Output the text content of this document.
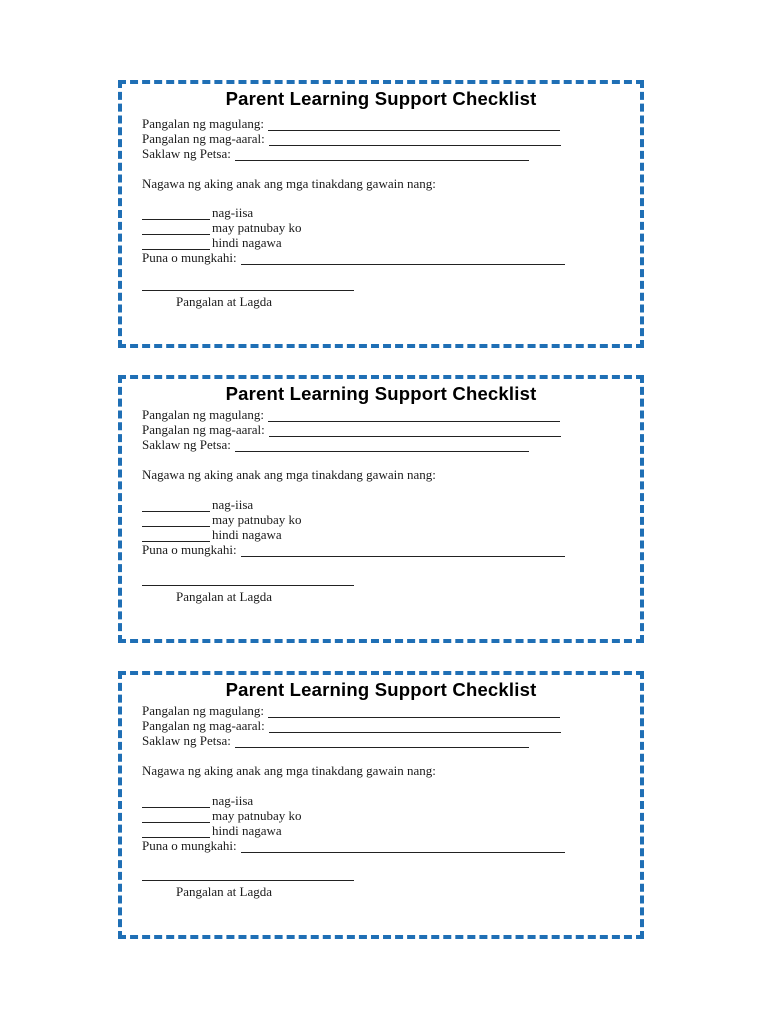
Parent Learning Support Checklist
Pangalan ng magulang:
Pangalan ng mag-aaral:
Saklaw ng Petsa:
Nagawa ng aking anak ang mga tinakdang gawain nang:
nag-iisa
may patnubay ko
hindi nagawa
Puna o mungkahi:
Pangalan at Lagda
Parent Learning Support Checklist
Pangalan ng magulang:
Pangalan ng mag-aaral:
Saklaw ng Petsa:
Nagawa ng aking anak ang mga tinakdang gawain nang:
nag-iisa
may patnubay ko
hindi nagawa
Puna o mungkahi:
Pangalan at Lagda
Parent Learning Support Checklist
Pangalan ng magulang:
Pangalan ng mag-aaral:
Saklaw ng Petsa:
Nagawa ng aking anak ang mga tinakdang gawain nang:
nag-iisa
may patnubay ko
hindi nagawa
Puna o mungkahi:
Pangalan at Lagda
